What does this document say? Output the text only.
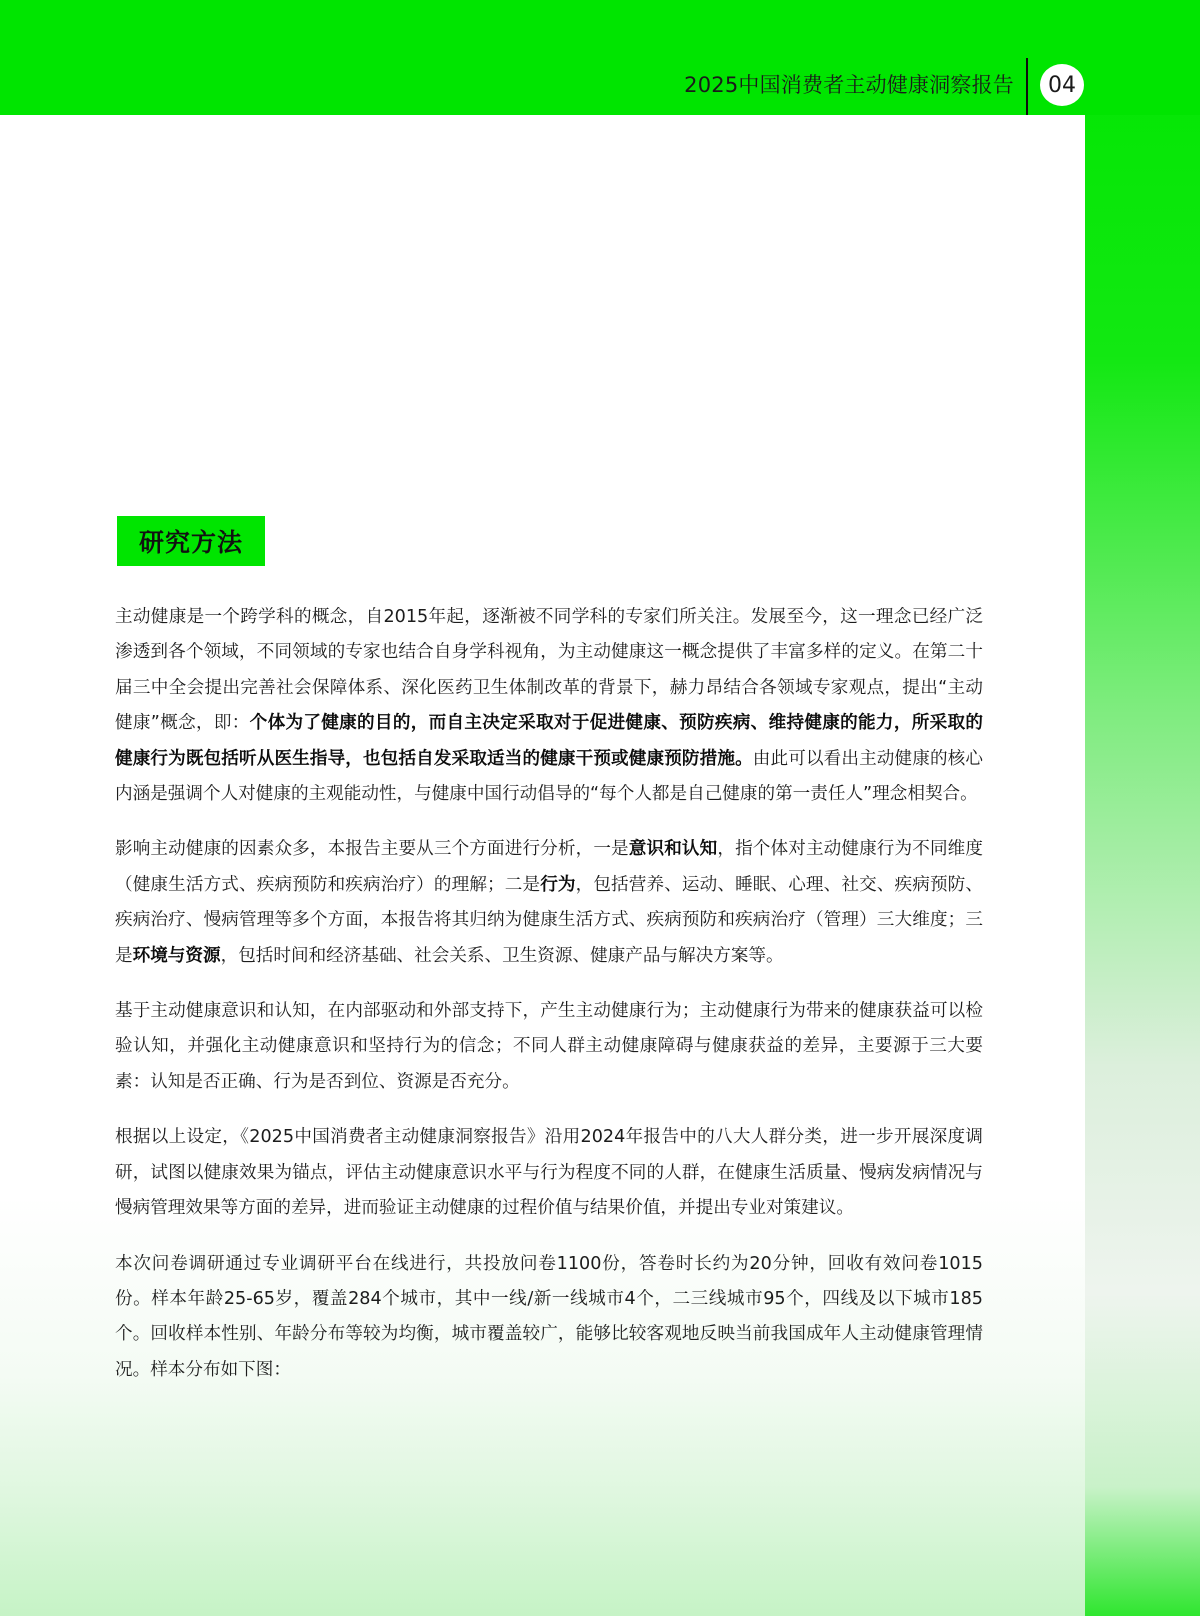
2025中国消费者主动健康洞察报告	04
研究方法

主动健康是一个跨学科的概念，自2015年起，逐渐被不同学科的专家们所关注。发展至今，这一理念已经广泛渗透到各个领域，不同领域的专家也结合自身学科视角，为主动健康这一概念提供了丰富多样的定义。在第二十届三中全会提出完善社会保障体系、深化医药卫生体制改革的背景下，赫力昂结合各领域专家观点，提出“主动健康”概念，即：个体为了健康的目的，而自主决定采取对于促进健康、预防疾病、维持健康的能力，所采取的健康行为既包括听从医生指导，也包括自发采取适当的健康干预或健康预防措施。由此可以看出主动健康的核心内涵是强调个人对健康的主观能动性，与健康中国行动倡导的“每个人都是自己健康的第一责任人”理念相契合。

影响主动健康的因素众多，本报告主要从三个方面进行分析，一是意识和认知，指个体对主动健康行为不同维度（健康生活方式、疾病预防和疾病治疗）的理解；二是行为，包括营养、运动、睡眠、心理、社交、疾病预防、疾病治疗、慢病管理等多个方面，本报告将其归纳为健康生活方式、疾病预防和疾病治疗（管理）三大维度；三是环境与资源，包括时间和经济基础、社会关系、卫生资源、健康产品与解决方案等。

基于主动健康意识和认知，在内部驱动和外部支持下，产生主动健康行为；主动健康行为带来的健康获益可以检验认知，并强化主动健康意识和坚持行为的信念；不同人群主动健康障碍与健康获益的差异，主要源于三大要素：认知是否正确、行为是否到位、资源是否充分。

根据以上设定，《2025中国消费者主动健康洞察报告》沿用2024年报告中的八大人群分类，进一步开展深度调研，试图以健康效果为锚点，评估主动健康意识水平与行为程度不同的人群，在健康生活质量、慢病发病情况与慢病管理效果等方面的差异，进而验证主动健康的过程价值与结果价值，并提出专业对策建议。

本次问卷调研通过专业调研平台在线进行，共投放问卷1100份，答卷时长约为20分钟，回收有效问卷1015份。样本年龄25-65岁，覆盖284个城市，其中一线/新一线城市4个，二三线城市95个，四线及以下城市185个。回收样本性别、年龄分布等较为均衡，城市覆盖较广，能够比较客观地反映当前我国成年人主动健康管理情况。样本分布如下图：
